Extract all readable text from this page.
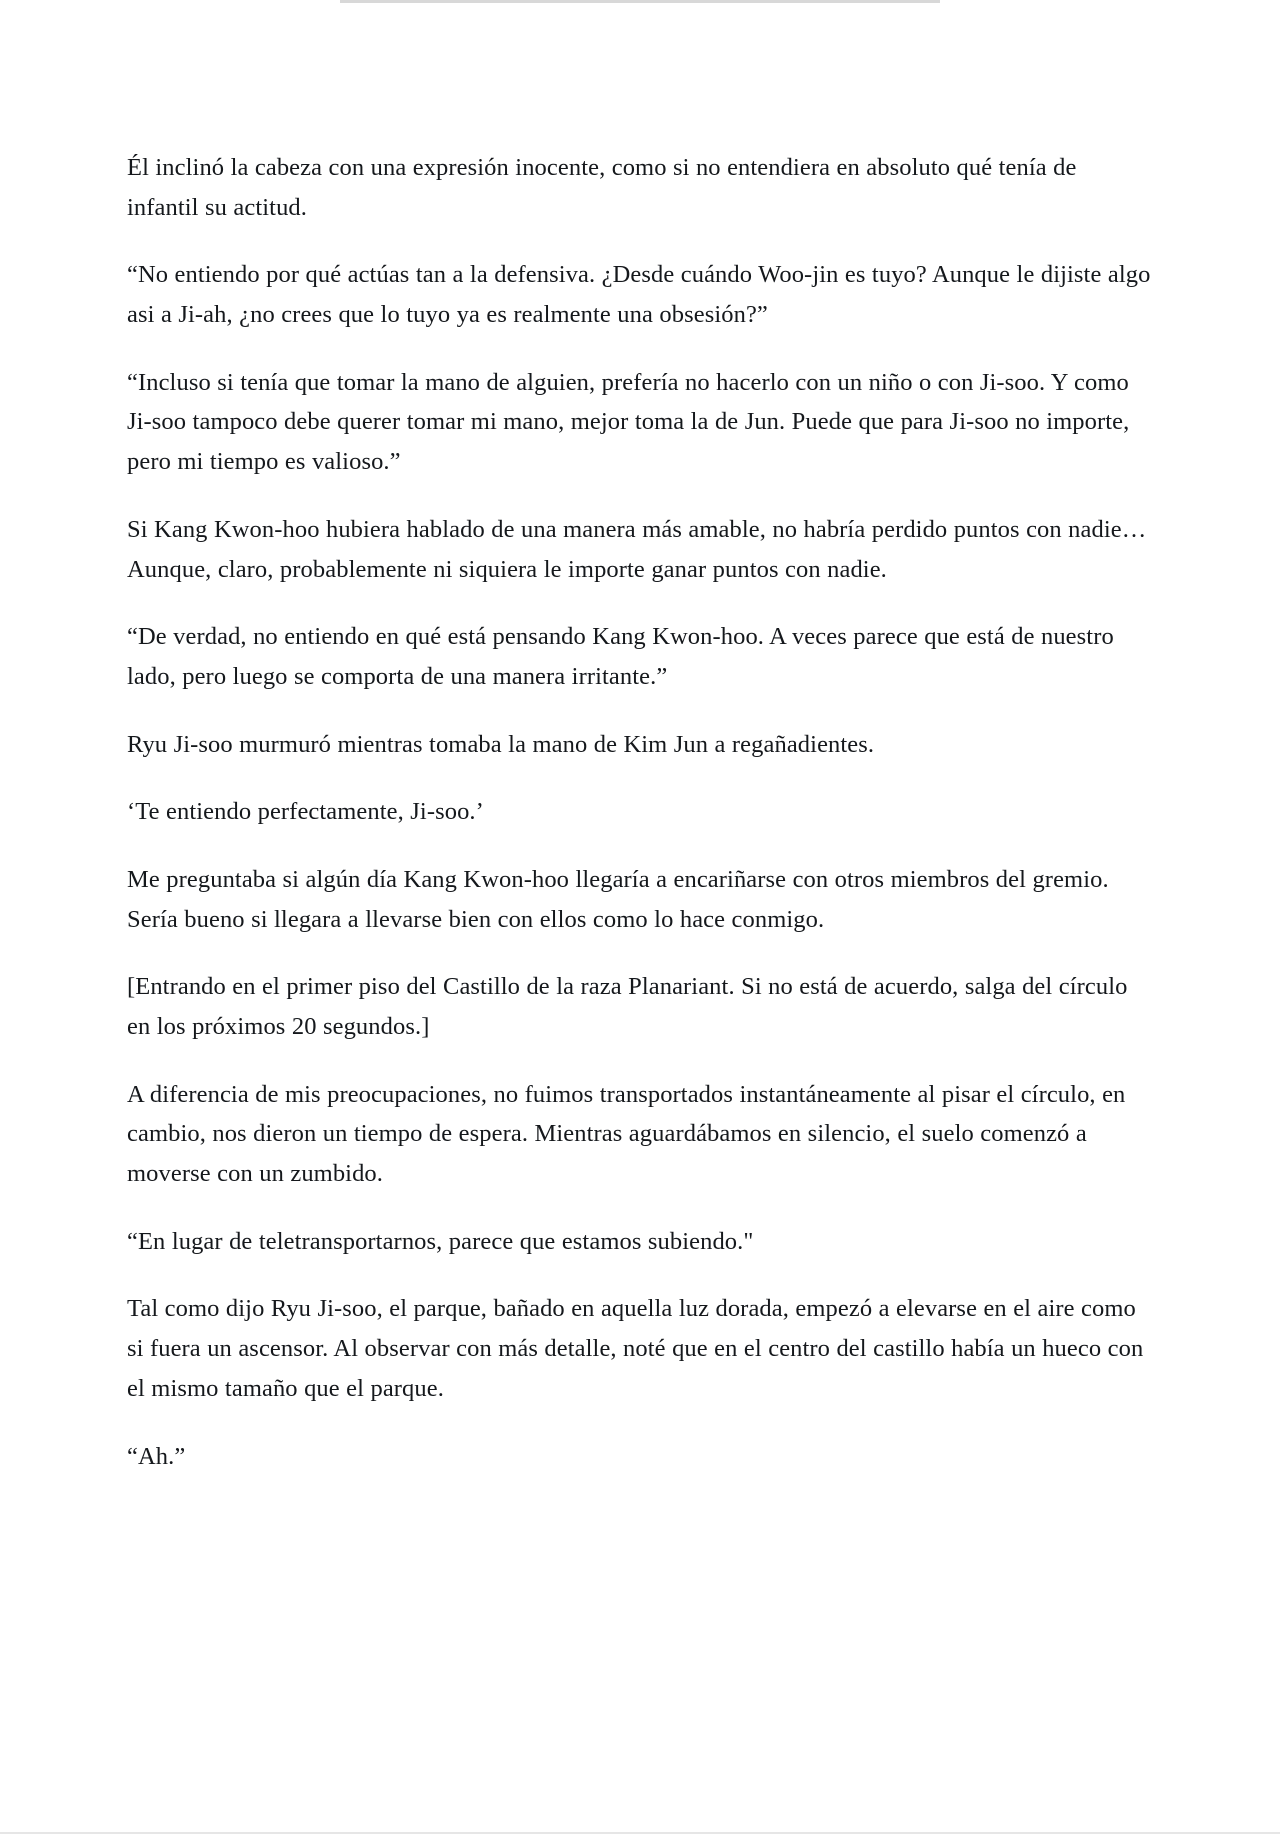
Él inclinó la cabeza con una expresión inocente, como si no entendiera en absoluto qué tenía de infantil su actitud.

“No entiendo por qué actúas tan a la defensiva. ¿Desde cuándo Woo-jin es tuyo? Aunque le dijiste algo asi a Ji-ah, ¿no crees que lo tuyo ya es realmente una obsesión?”

“Incluso si tenía que tomar la mano de alguien, prefería no hacerlo con un niño o con Ji-soo. Y como Ji-soo tampoco debe querer tomar mi mano, mejor toma la de Jun. Puede que para Ji-soo no importe, pero mi tiempo es valioso.”

Si Kang Kwon-hoo hubiera hablado de una manera más amable, no habría perdido puntos con nadie… Aunque, claro, probablemente ni siquiera le importe ganar puntos con nadie.

“De verdad, no entiendo en qué está pensando Kang Kwon-hoo. A veces parece que está de nuestro lado, pero luego se comporta de una manera irritante.”

Ryu Ji-soo murmuró mientras tomaba la mano de Kim Jun a regañadientes.

‘Te entiendo perfectamente, Ji-soo.’

Me preguntaba si algún día Kang Kwon-hoo llegaría a encariñarse con otros miembros del gremio. Sería bueno si llegara a llevarse bien con ellos como lo hace conmigo.

[Entrando en el primer piso del Castillo de la raza Planariant. Si no está de acuerdo, salga del círculo en los próximos 20 segundos.]

A diferencia de mis preocupaciones, no fuimos transportados instantáneamente al pisar el círculo, en cambio, nos dieron un tiempo de espera. Mientras aguardábamos en silencio, el suelo comenzó a moverse con un zumbido.

“En lugar de teletransportarnos, parece que estamos subiendo."

Tal como dijo Ryu Ji-soo, el parque, bañado en aquella luz dorada, empezó a elevarse en el aire como si fuera un ascensor. Al observar con más detalle, noté que en el centro del castillo había un hueco con el mismo tamaño que el parque.

“Ah.”
